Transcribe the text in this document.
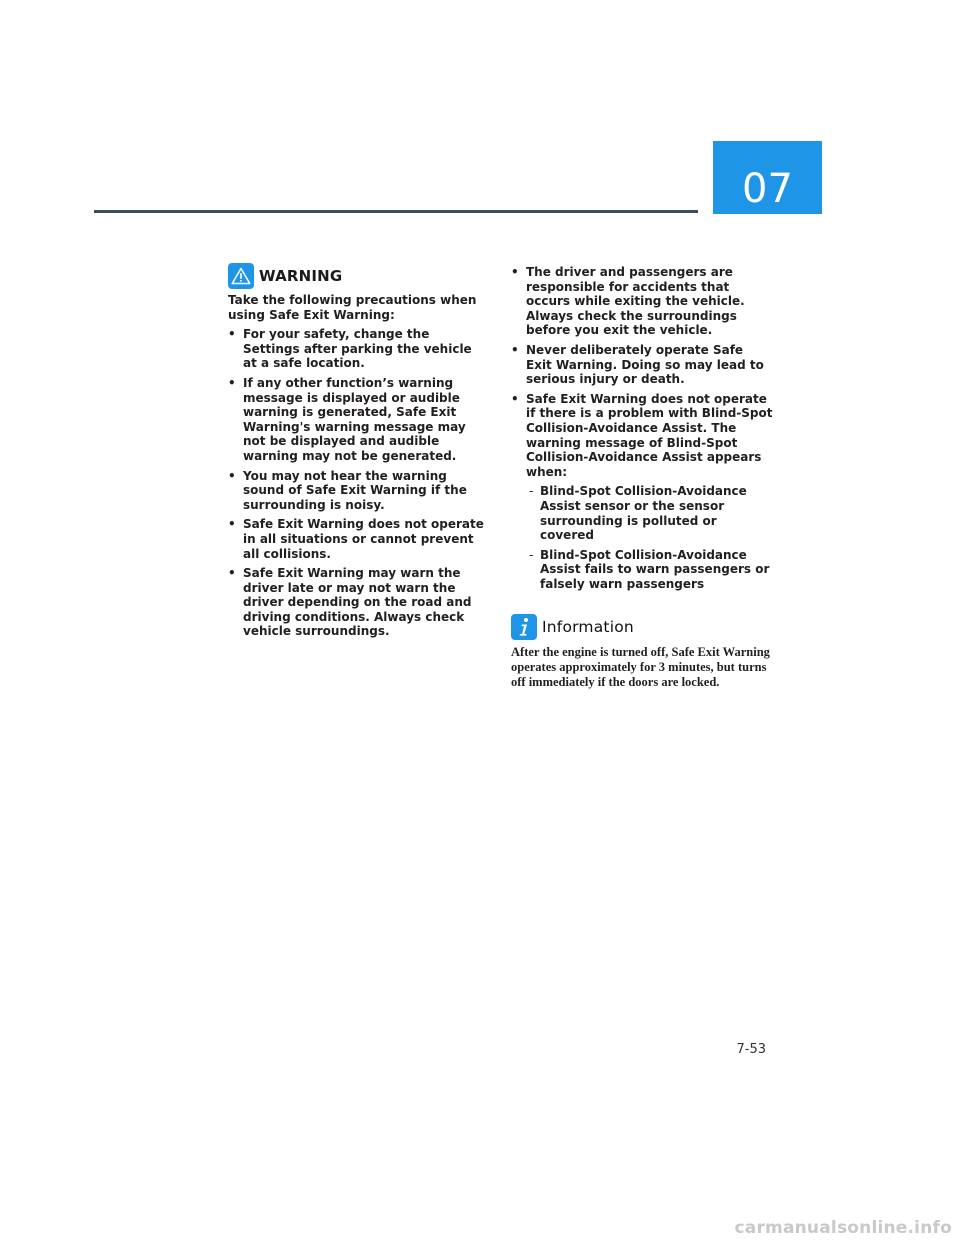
07
WARNING

Take the following precautions when using Safe Exit Warning:

• For your safety, change the Settings after parking the vehicle at a safe location.
• If any other function’s warning message is displayed or audible warning is generated, Safe Exit Warning's warning message may not be displayed and audible warning may not be generated.
• You may not hear the warning sound of Safe Exit Warning if the surrounding is noisy.
• Safe Exit Warning does not operate in all situations or cannot prevent all collisions.
• Safe Exit Warning may warn the driver late or may not warn the driver depending on the road and driving conditions. Always check vehicle surroundings.
• The driver and passengers are responsible for accidents that occurs while exiting the vehicle. Always check the surroundings before you exit the vehicle.
• Never deliberately operate Safe Exit Warning. Doing so may lead to serious injury or death.
• Safe Exit Warning does not operate if there is a problem with Blind-Spot Collision-Avoidance Assist. The warning message of Blind-Spot Collision-Avoidance Assist appears when:
- Blind-Spot Collision-Avoidance Assist sensor or the sensor surrounding is polluted or covered
- Blind-Spot Collision-Avoidance Assist fails to warn passengers or falsely warn passengers
Information

After the engine is turned off, Safe Exit Warning operates approximately for 3 minutes, but turns off immediately if the doors are locked.

7-53
carmanualsonline.info
